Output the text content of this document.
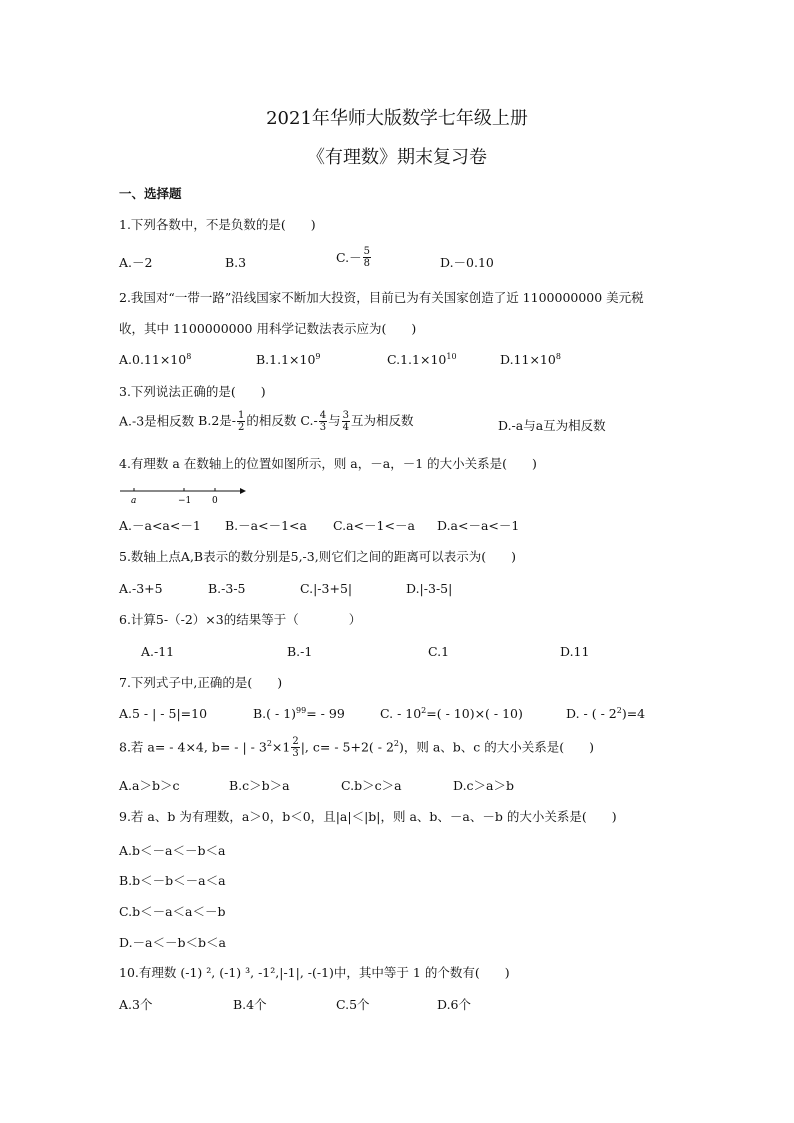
2021年华师大版数学七年级上册
《有理数》期末复习卷
一、选择题
1.下列各数中，不是负数的是(　　)
A.－2	B.3	$C.- \frac{5}{8}$	D.－0.10
2.我国对“一带一路”沿线国家不断加大投资，目前已为有关国家创造了近 1100000000 美元税
收，其中 1100000000 用科学记数法表示应为(　　)
$A.0.11\times 10^8$	$B.1.1\times 10^9$	$C.1.1\times 10^{10}$	$D.11\times 10^8$
3.下列说法正确的是(　　)
A.-3是相反数 B.2是- $\frac{1}{2}$ 的相反数 $C.- \frac{4}{3}$ 与 $\frac{3}{4}$ 互为相反数	D.-a与a互为相反数
4.有理数 a 在数轴上的位置如图所示，则 a，－a，－1 的大小关系是(　　)
a	−1 0
A.－a<a<－1 B.－a<－1<a C.a<－1<－a D.a<－a<－1
5.数轴上点A,B表示的数分别是5,-3,则它们之间的距离可以表示为(　　)
A.-3+5	B.-3-5	C.|-3+5|	D.|-3-5|
6.计算5-（-2）×3的结果等于（　　　　）
A.-11	B.-1	C.1	D.11
7.下列式子中,正确的是(　　)
A.5 - | - 5|=10	B.( - 1)$^{99}$= - 99	C. - $10^2=( - 10)\times( - 10)$	D. - ( - $2^2)=4$
8.若 a= - 4×4, b= - | - $3^2\times 1 \frac{2}{3}$ |, $c= - 5+2( - 2^2)$，则 a、b、c 的大小关系是(　　)
A.a＞b＞c	B.c＞b＞a	C.b＞c＞a	D.c＞a＞b
9.若 a、b 为有理数，a＞0，b＜0，且|a|＜|b|，则 a、b、－a、－b 的大小关系是(　　)
A.b＜－a＜－b＜a
B.b＜－b＜－a＜a
C.b＜－a＜a＜－b
D.－a＜－b＜b＜a
10.有理数 (-1) ², (-1) ³, -1²,|-1|, -(-1)中，其中等于 1 的个数有(　　)
A.3个	B.4个	C.5个	D.6个
